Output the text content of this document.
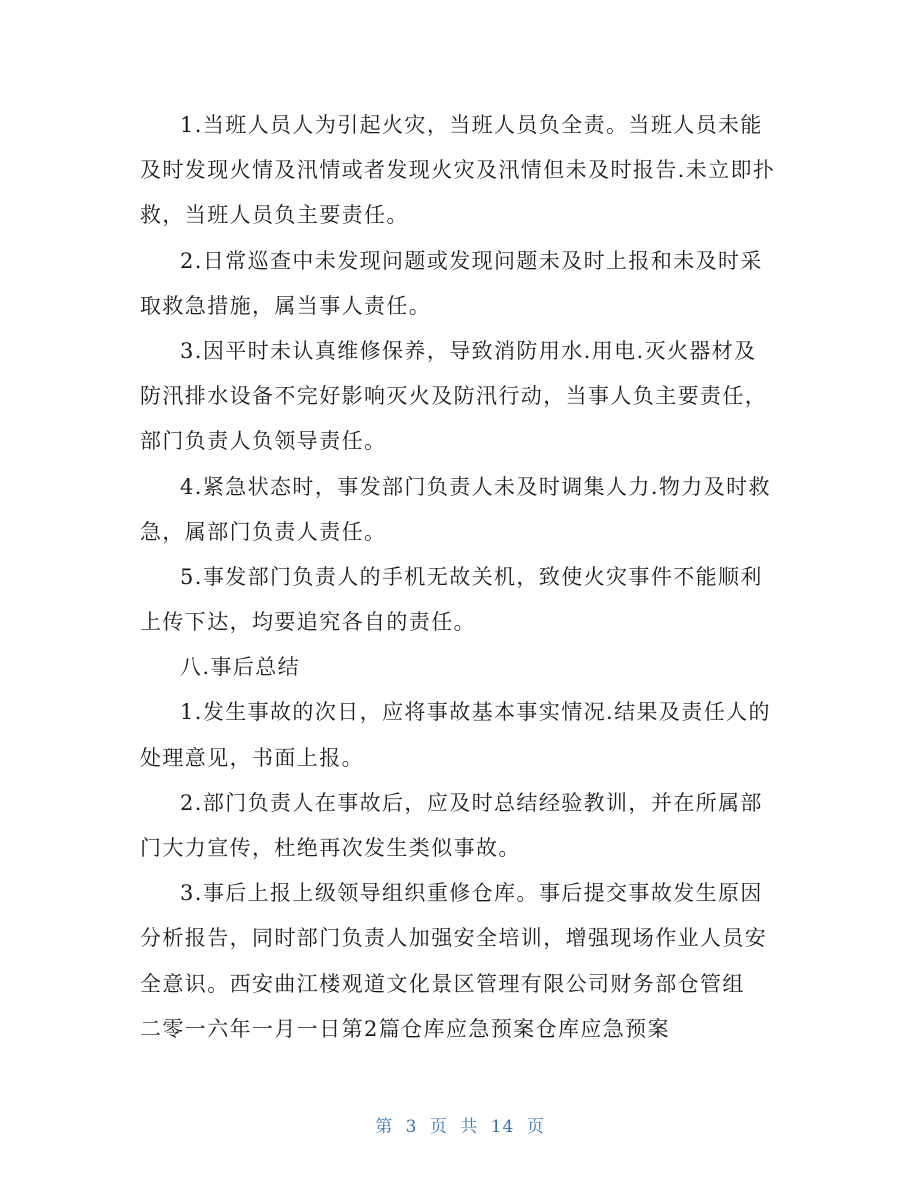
1.当班人员人为引起火灾，当班人员负全责。当班人员未能
及时发现火情及汛情或者发现火灾及汛情但未及时报告.未立即扑
救，当班人员负主要责任。
2.日常巡查中未发现问题或发现问题未及时上报和未及时采
取救急措施，属当事人责任。
3.因平时未认真维修保养，导致消防用水.用电.灭火器材及
防汛排水设备不完好影响灭火及防汛行动，当事人负主要责任，
部门负责人负领导责任。
4.紧急状态时，事发部门负责人未及时调集人力.物力及时救
急，属部门负责人责任。
5.事发部门负责人的手机无故关机，致使火灾事件不能顺利
上传下达，均要追究各自的责任。
八.事后总结
1.发生事故的次日，应将事故基本事实情况.结果及责任人的
处理意见，书面上报。
2.部门负责人在事故后，应及时总结经验教训，并在所属部
门大力宣传，杜绝再次发生类似事故。
3.事后上报上级领导组织重修仓库。事后提交事故发生原因
分析报告，同时部门负责人加强安全培训，增强现场作业人员安
全意识。西安曲江楼观道文化景区管理有限公司财务部仓管组
二零一六年一月一日第2篇仓库应急预案仓库应急预案
第 3 页 共 14 页
